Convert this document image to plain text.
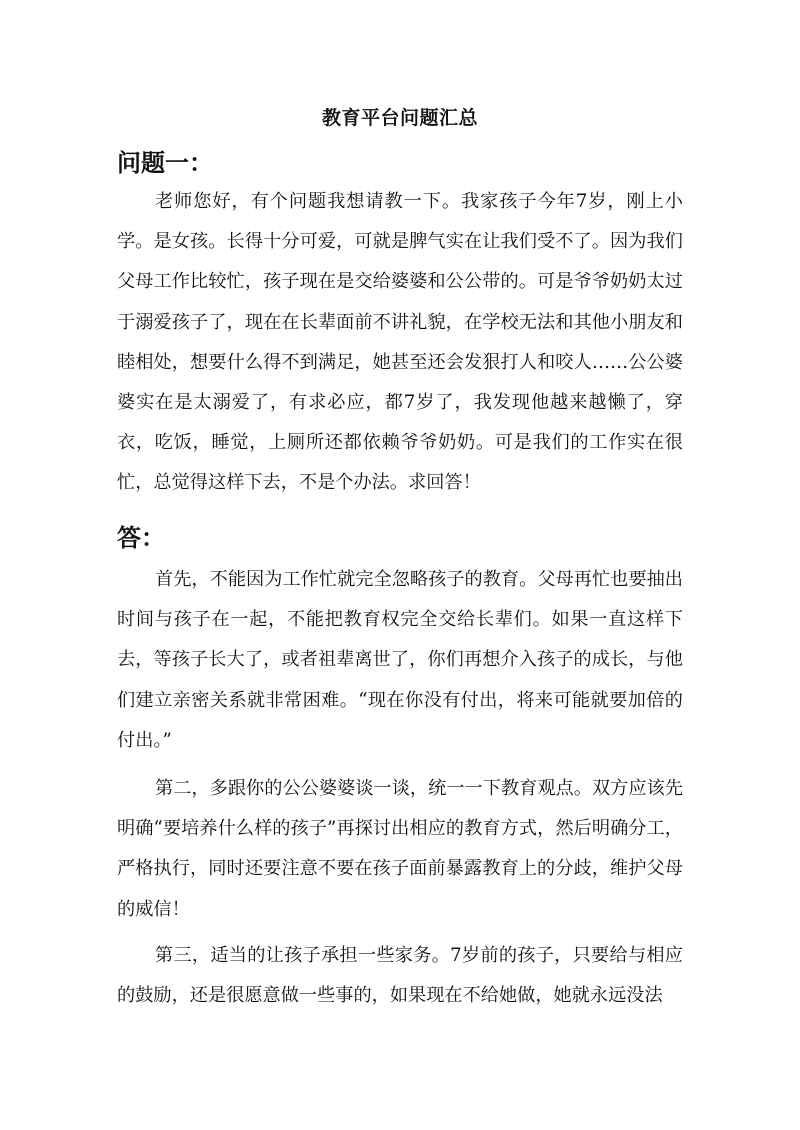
教育平台问题汇总
问题一：

老师您好，有个问题我想请教一下。我家孩子今年7岁，刚上小学。是女孩。长得十分可爱，可就是脾气实在让我们受不了。因为我们父母工作比较忙，孩子现在是交给婆婆和公公带的。可是爷爷奶奶太过于溺爱孩子了，现在在长辈面前不讲礼貌，在学校无法和其他小朋友和睦相处，想要什么得不到满足，她甚至还会发狠打人和咬人……公公婆婆实在是太溺爱了，有求必应，都7岁了，我发现他越来越懒了，穿衣，吃饭，睡觉，上厕所还都依赖爷爷奶奶。可是我们的工作实在很忙，总觉得这样下去，不是个办法。求回答！

答：

首先，不能因为工作忙就完全忽略孩子的教育。父母再忙也要抽出时间与孩子在一起，不能把教育权完全交给长辈们。如果一直这样下去，等孩子长大了，或者祖辈离世了，你们再想介入孩子的成长，与他们建立亲密关系就非常困难。“现在你没有付出，将来可能就要加倍的付出。”

第二，多跟你的公公婆婆谈一谈，统一一下教育观点。双方应该先明确“要培养什么样的孩子”再探讨出相应的教育方式，然后明确分工，严格执行，同时还要注意不要在孩子面前暴露教育上的分歧，维护父母的威信！

第三，适当的让孩子承担一些家务。7岁前的孩子，只要给与相应的鼓励，还是很愿意做一些事的，如果现在不给她做，她就永远没法
